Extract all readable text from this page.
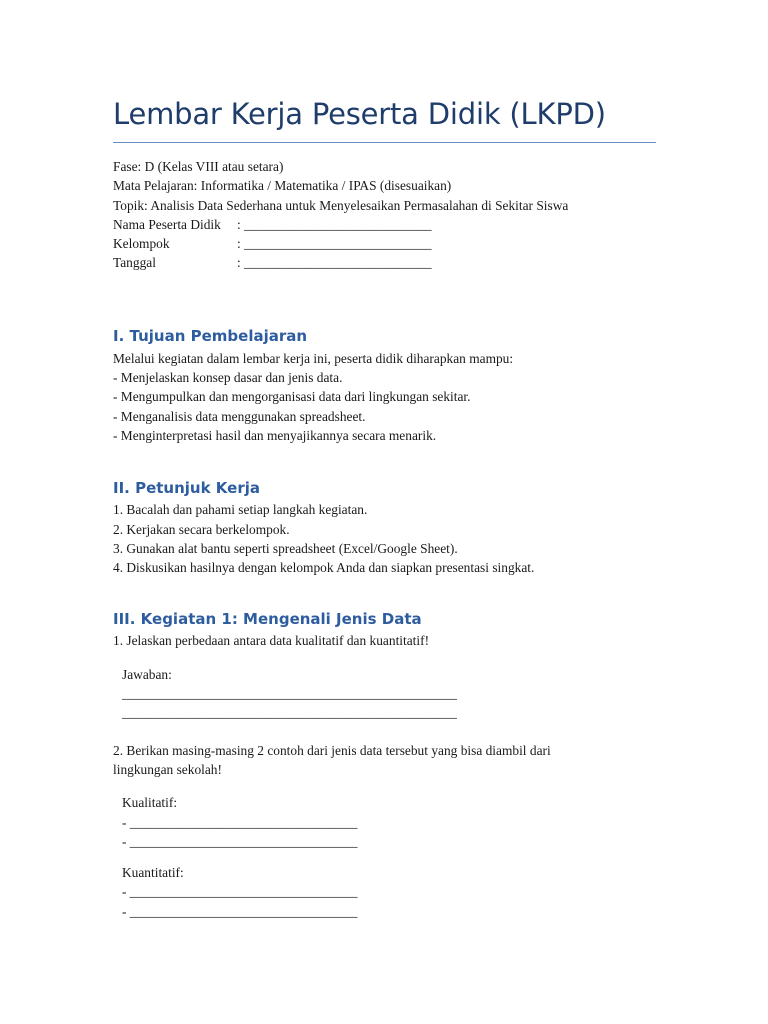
Lembar Kerja Peserta Didik (LKPD)
Fase: D (Kelas VIII atau setara)
Mata Pelajaran: Informatika / Matematika / IPAS (disesuaikan)
Topik: Analisis Data Sederhana untuk Menyelesaikan Permasalahan di Sekitar Siswa
Nama Peserta Didik	: ____________________________
Kelompok	: ____________________________
Tanggal	: ____________________________
I. Tujuan Pembelajaran
Melalui kegiatan dalam lembar kerja ini, peserta didik diharapkan mampu:
- Menjelaskan konsep dasar dan jenis data.
- Mengumpulkan dan mengorganisasi data dari lingkungan sekitar.
- Menganalisis data menggunakan spreadsheet.
- Menginterpretasi hasil dan menyajikannya secara menarik.
II. Petunjuk Kerja
1. Bacalah dan pahami setiap langkah kegiatan.
2. Kerjakan secara berkelompok.
3. Gunakan alat bantu seperti spreadsheet (Excel/Google Sheet).
4. Diskusikan hasilnya dengan kelompok Anda dan siapkan presentasi singkat.
III. Kegiatan 1: Mengenali Jenis Data
1. Jelaskan perbedaan antara data kualitatif dan kuantitatif!
Jawaban:
__________________________________________________
__________________________________________________
2. Berikan masing-masing 2 contoh dari jenis data tersebut yang bisa diambil dari
lingkungan sekolah!
Kualitatif:
- __________________________________
- __________________________________
Kuantitatif:
- __________________________________
- __________________________________
